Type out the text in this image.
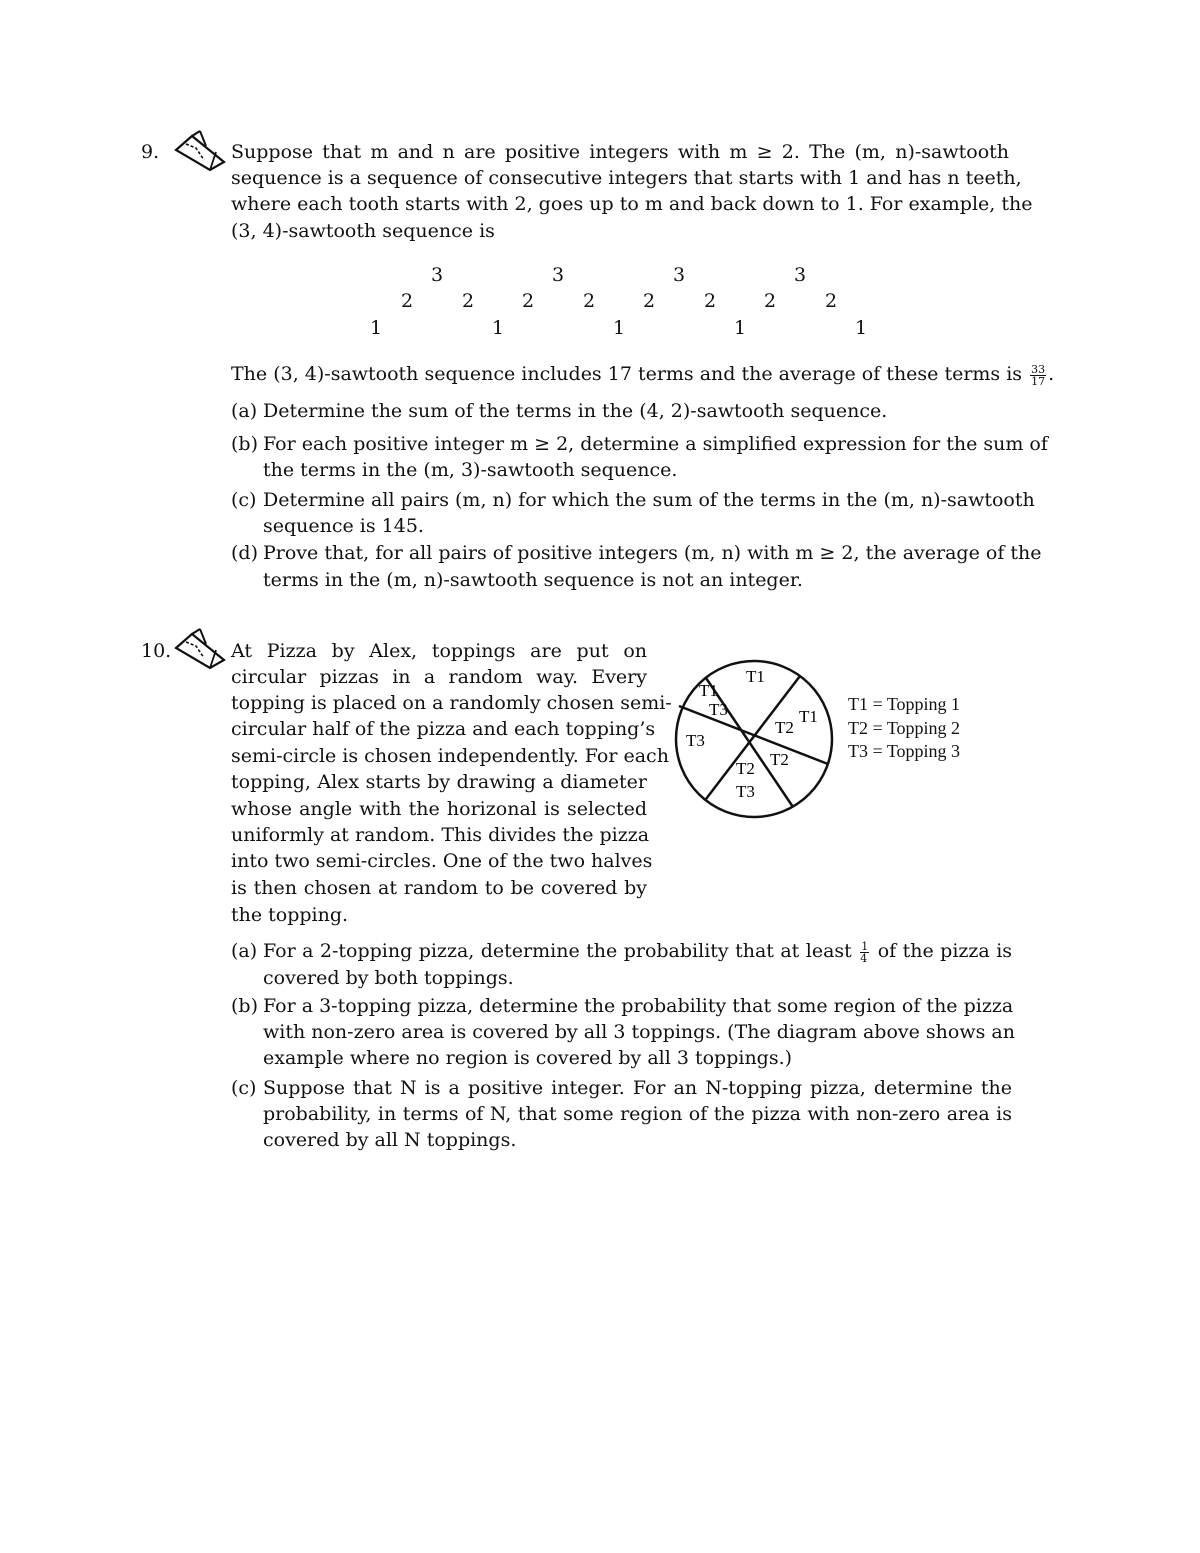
9.	Suppose that m and n are positive integers with m ≥ 2. The (m, n)-sawtooth
sequence is a sequence of consecutive integers that starts with 1 and has n teeth,
where each tooth starts with 2, goes up to m and back down to 1. For example, the
(3, 4)-sawtooth sequence is
3	3	3	3
2	2	2	2	2	2	2	2
1	1	1	1	1
The (3, 4)-sawtooth sequence includes 17 terms and the average of these terms is $\frac{33}{17}$ .
(a) Determine the sum of the terms in the (4, 2)-sawtooth sequence.
(b) For each positive integer m ≥ 2, determine a simplified expression for the sum of
the terms in the (m, 3)-sawtooth sequence.
(c) Determine all pairs (m, n) for which the sum of the terms in the (m, n)-sawtooth
sequence is 145.
(d) Prove that, for all pairs of positive integers (m, n) with m ≥ 2, the average of the
terms in the (m, n)-sawtooth sequence is not an integer.
10.	At Pizza by Alex, toppings are put on
circular pizzas in a random way. Every
topping is placed on a randomly chosen semi-
circular half of the pizza and each topping’s
semi-circle is chosen independently. For each
topping, Alex starts by drawing a diameter
whose angle with the horizonal is selected
uniformly at random. This divides the pizza
into two semi-circles. One of the two halves
is then chosen at random to be covered by
the topping.
T1
T1
T3
T3
T2
T1
T2 T2
T3
T1 = Topping 1
T2 = Topping 2
T3 = Topping 3
(a) For a 2-topping pizza, determine the probability that at least $\frac{1}{4}$ of the pizza is
covered by both toppings.
(b) For a 3-topping pizza, determine the probability that some region of the pizza
with non-zero area is covered by all 3 toppings. (The diagram above shows an
example where no region is covered by all 3 toppings.)
(c) Suppose that N is a positive integer. For an N-topping pizza, determine the
probability, in terms of N, that some region of the pizza with non-zero area is
covered by all N toppings.
